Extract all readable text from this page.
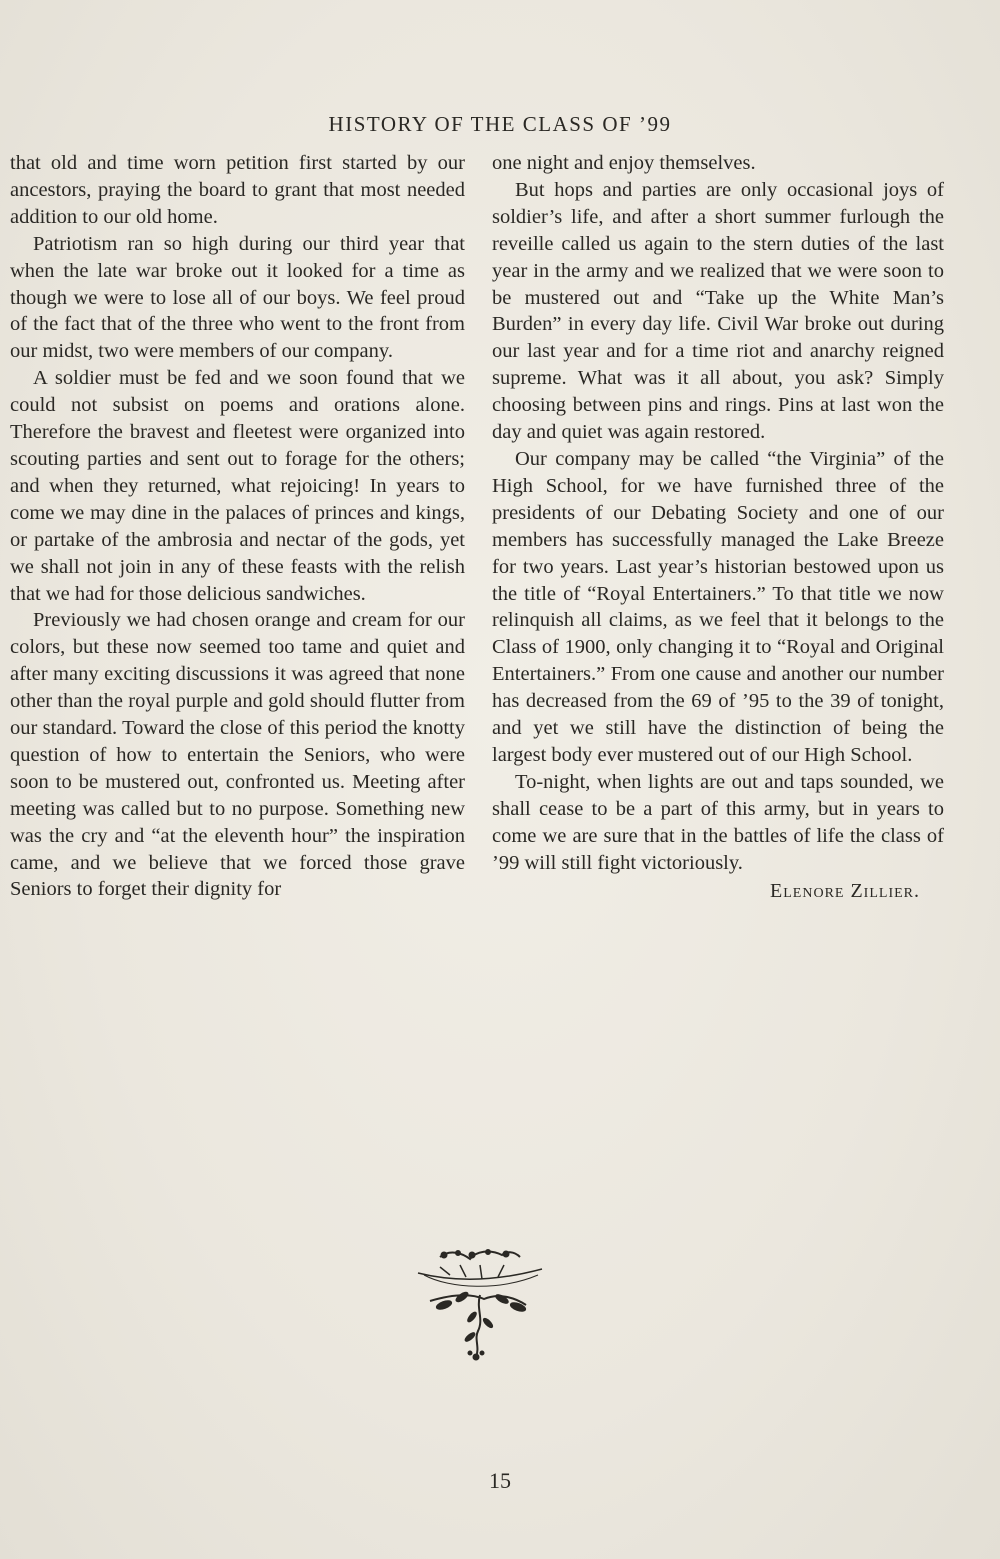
HISTORY OF THE CLASS OF ’99

that old and time worn petition first started by our ancestors, praying the board to grant that most needed addition to our old home.

Patriotism ran so high during our third year that when the late war broke out it looked for a time as though we were to lose all of our boys. We feel proud of the fact that of the three who went to the front from our midst, two were members of our company.

A soldier must be fed and we soon found that we could not subsist on poems and orations alone. Therefore the bravest and fleetest were organized into scouting parties and sent out to forage for the others; and when they returned, what rejoicing! In years to come we may dine in the palaces of princes and kings, or partake of the ambrosia and nectar of the gods, yet we shall not join in any of these feasts with the relish that we had for those delicious sandwiches.

Previously we had chosen orange and cream for our colors, but these now seemed too tame and quiet and after many exciting discussions it was agreed that none other than the royal purple and gold should flutter from our standard. Toward the close of this period the knotty question of how to entertain the Seniors, who were soon to be mustered out, confronted us. Meeting after meeting was called but to no purpose. Something new was the cry and “at the eleventh hour” the inspiration came, and we believe that we forced those grave Seniors to forget their dignity for

one night and enjoy themselves.

But hops and parties are only occasional joys of soldier’s life, and after a short summer furlough the reveille called us again to the stern duties of the last year in the army and we realized that we were soon to be mustered out and “Take up the White Man’s Burden” in every day life. Civil War broke out during our last year and for a time riot and anarchy reigned supreme. What was it all about, you ask? Simply choosing between pins and rings. Pins at last won the day and quiet was again restored.

Our company may be called “the Virginia” of the High School, for we have furnished three of the presidents of our Debating Society and one of our members has successfully managed the Lake Breeze for two years. Last year’s historian bestowed upon us the title of “Royal Entertainers.” To that title we now relinquish all claims, as we feel that it belongs to the Class of 1900, only changing it to “Royal and Original Entertainers.” From one cause and another our number has decreased from the 69 of ’95 to the 39 of tonight, and yet we still have the distinction of being the largest body ever mustered out of our High School.

To-night, when lights are out and taps sounded, we shall cease to be a part of this army, but in years to come we are sure that in the battles of life the class of ’99 will still fight victoriously.

Elenore Zillier.
15
